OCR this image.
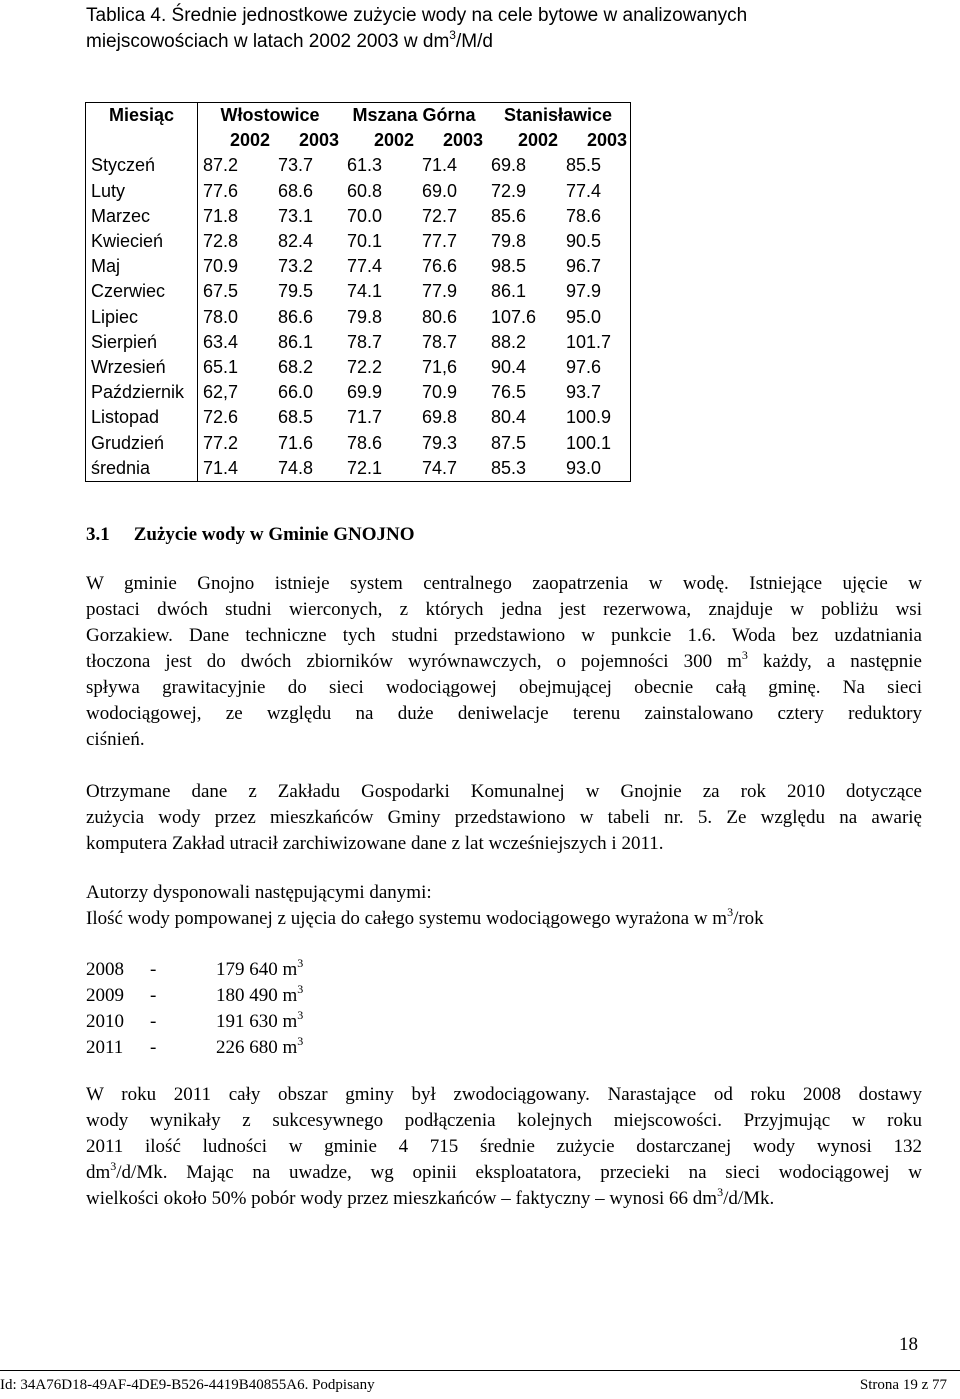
Tablica 4. Średnie jednostkowe zużycie wody na cele bytowe w analizowanych
miejscowościach w latach 2002 2003 w $dm^3/M/d$
Miesiąc	Włostowice		Mszana Górna		Stanisławice	
	2002	2003	2002	2003	2002	2003
Styczeń	87.2	73.7	61.3	71.4	69.8	85.5
Luty	77.6	68.6	60.8	69.0	72.9	77.4
Marzec	71.8	73.1	70.0	72.7	85.6	78.6
Kwiecień	72.8	82.4	70.1	77.7	79.8	90.5
Maj	70.9	73.2	77.4	76.6	98.5	96.7
Czerwiec	67.5	79.5	74.1	77.9	86.1	97.9
Lipiec	78.0	86.6	79.8	80.6	107.6	95.0
Sierpień	63.4	86.1	78.7	78.7	88.2	101.7
Wrzesień	65.1	68.2	72.2	71,6	90.4	97.6
Październik	62,7	66.0	69.9	70.9	76.5	93.7
Listopad	72.6	68.5	71.7	69.8	80.4	100.9
Grudzień	77.2	71.6	78.6	79.3	87.5	100.1
średnia	71.4	74.8	72.1	74.7	85.3	93.0
3.1 Zużycie wody w Gminie GNOJNO
W gminie Gnojno istnieje system centralnego zaopatrzenia w wodę. Istniejące ujęcie w
postaci dwóch studni wierconych, z których jedna jest rezerwowa, znajduje w pobliżu wsi
Gorzakiew. Dane techniczne tych studni przedstawiono w punkcie 1.6. Woda bez uzdatniania
tłoczona jest do dwóch zbiorników wyrównawczych, o pojemności 300 $m^3$ każdy, a następnie
spływa grawitacyjnie do sieci wodociągowej obejmującej obecnie całą gminę. Na sieci
wodociągowej, ze względu na duże deniwelacje terenu zainstalowano cztery reduktory
ciśnień.
Otrzymane dane z Zakładu Gospodarki Komunalnej w Gnojnie za rok 2010 dotyczące
zużycia wody przez mieszkańców Gminy przedstawiono w tabeli nr. 5. Ze względu na awarię
komputera Zakład utracił zarchiwizowane dane z lat wcześniejszych i 2011.
Autorzy dysponowali następującymi danymi:
Ilość wody pompowanej z ujęcia do całego systemu wodociągowego wyrażona w $m^3$/rok
2008 -	179 640 $m^3$
2009 -	180 490 $m^3$
2010 -	191 630 $m^3$
2011 -	226 680 $m^3$
W roku 2011 cały obszar gminy był zwodociągowany. Narastające od roku 2008 dostawy
wody wynikały z sukcesywnego podłączenia kolejnych miejscowości. Przyjmując w roku
2011 ilość ludności w gminie 4 715 średnie zużycie dostarczanej wody wynosi 132
$dm^3/d/Mk$. Mając na uwadze, wg opinii eksploatatora, przecieki na sieci wodociągowej w
wielkości około 50% pobór wody przez mieszkańców – faktyczny – wynosi 66 $dm^3/d/Mk$.
18
Id: 34A76D18-49AF-4DE9-B526-4419B40855A6. Podpisany	Strona 19 z 77
